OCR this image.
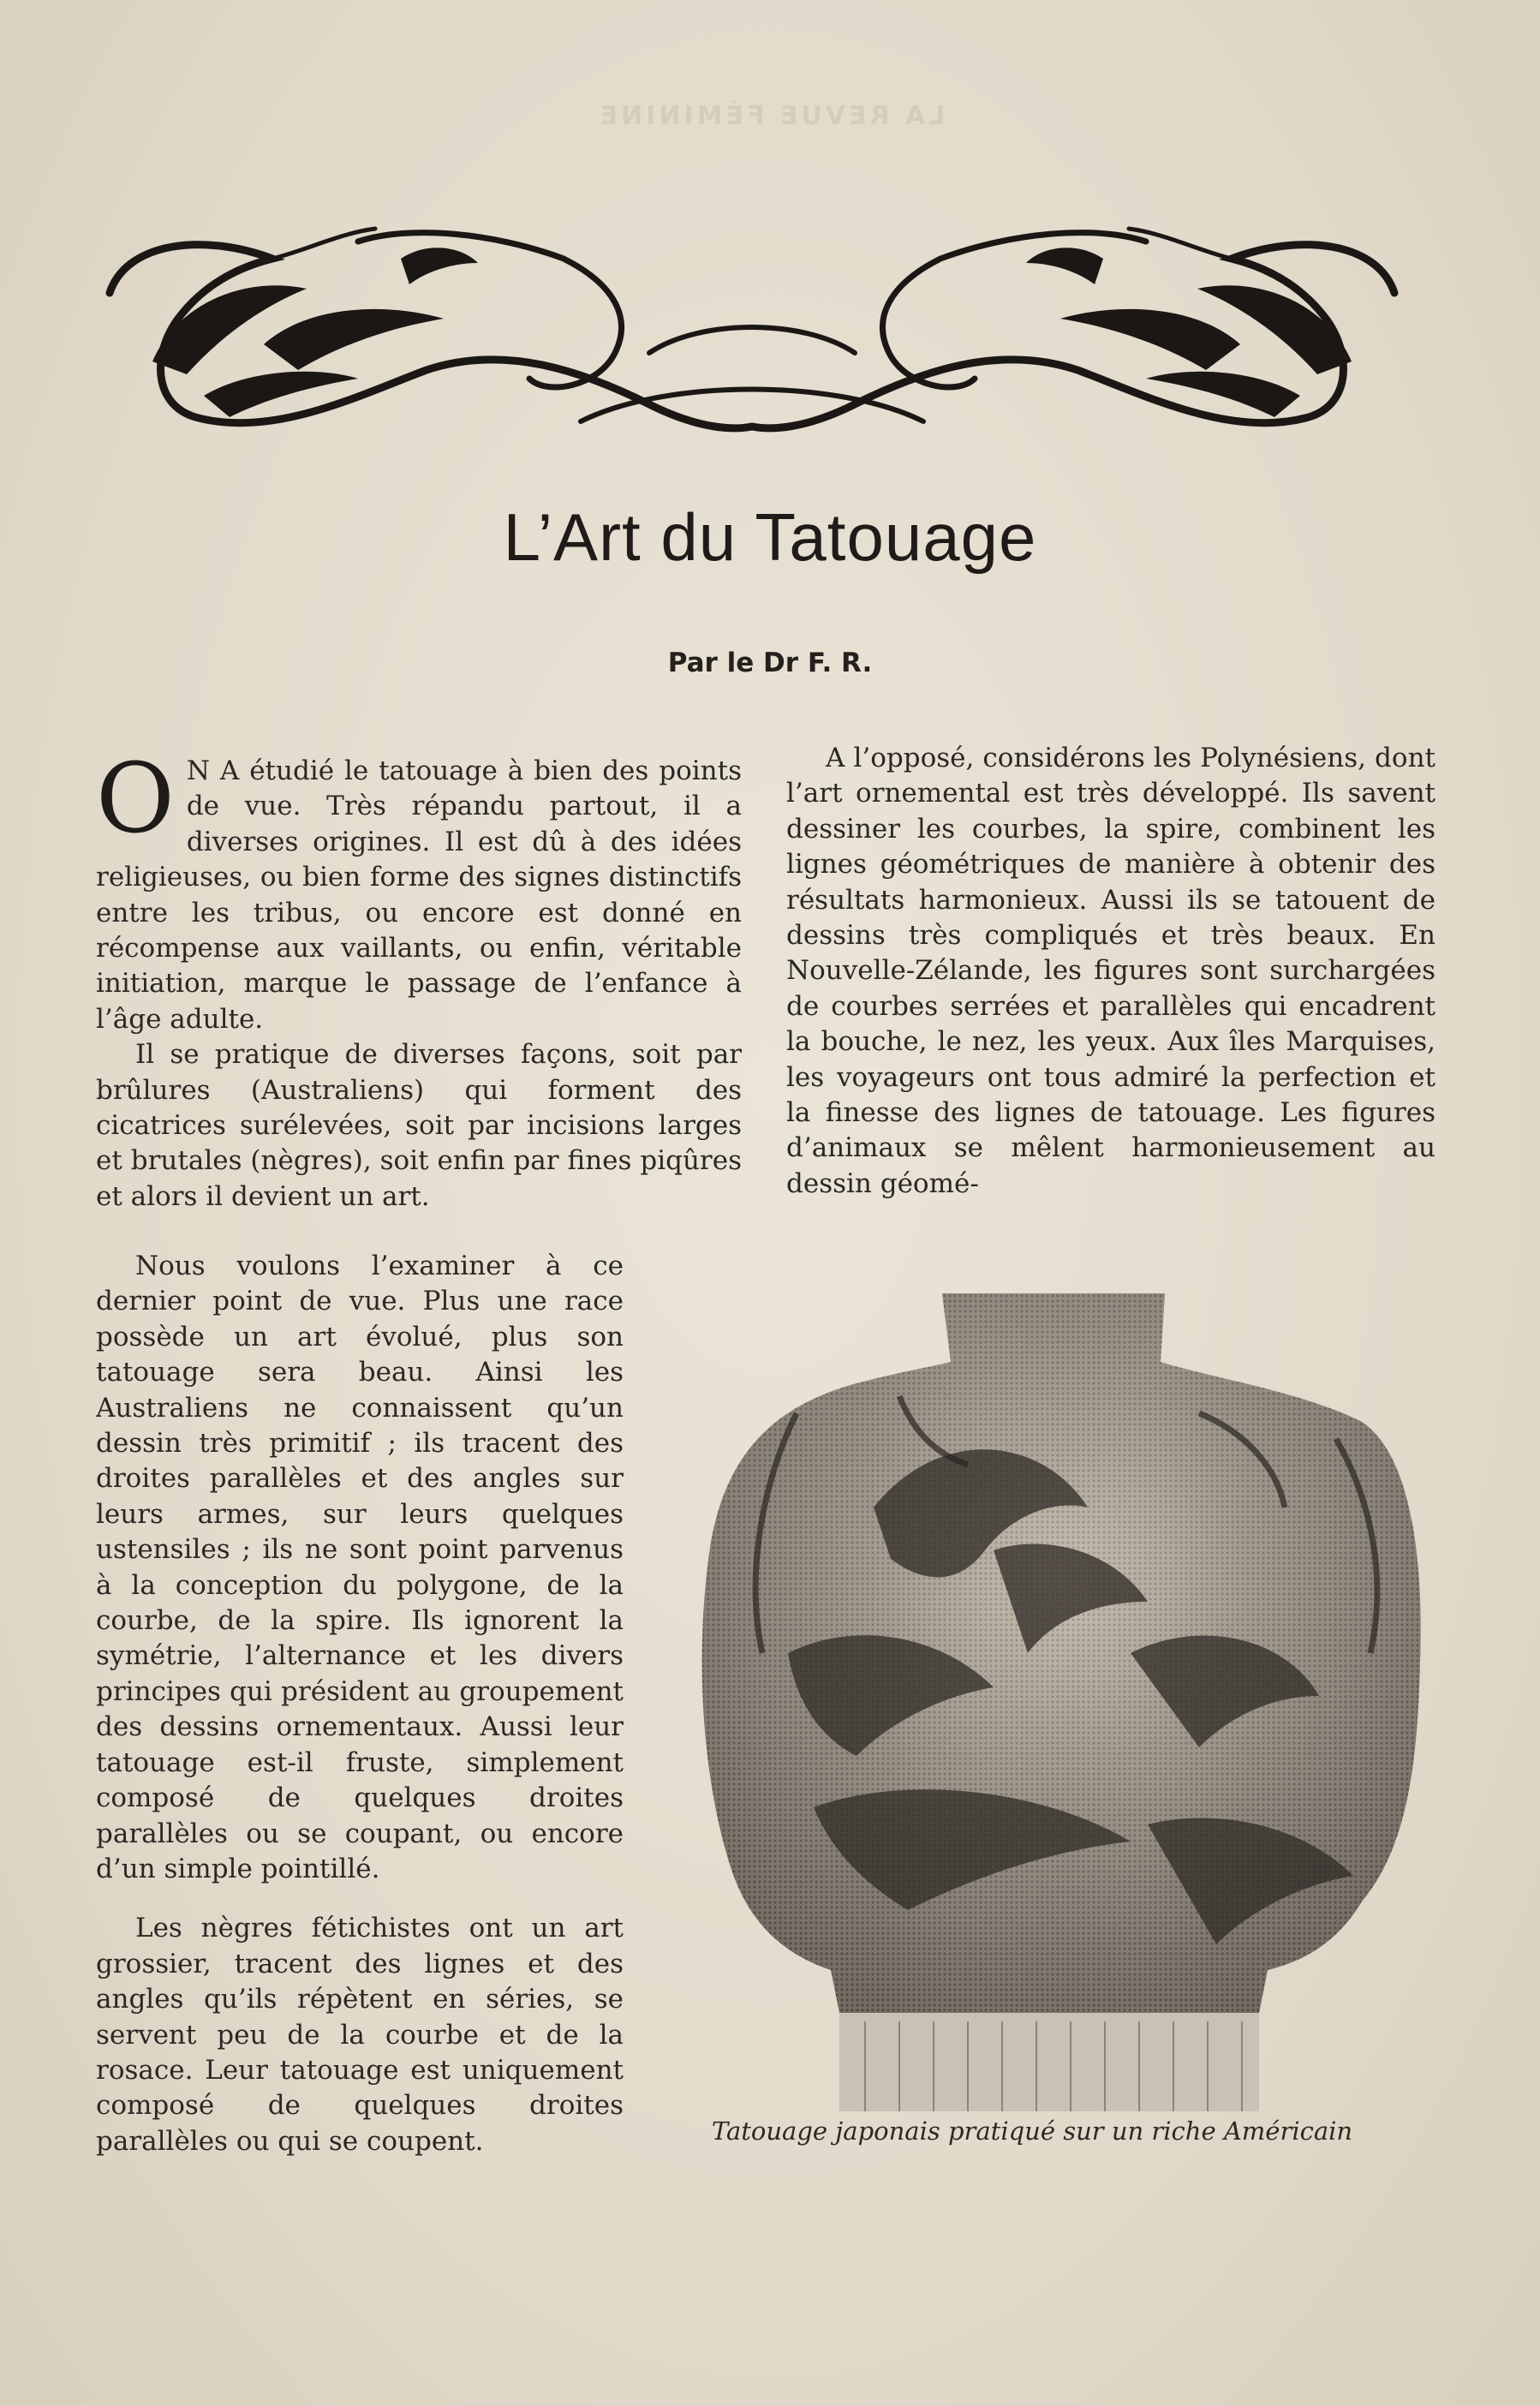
LA REVUE FÉMININE
L’Art du Tatouage

Par le Dr F. R.

O N A étudié le tatouage à bien des points de vue. Très répandu partout, il a diverses origines. Il est dû à des idées religieuses, ou bien forme des signes distinctifs entre les tribus, ou encore est donné en récompense aux vaillants, ou enfin, véritable initiation, marque le passage de l’enfance à l’âge adulte.

Il se pratique de diverses façons, soit par brûlures (Australiens) qui forment des cicatrices surélevées, soit par incisions larges et brutales (nègres), soit enfin par fines piqûres et alors il devient un art.

A l’opposé, considérons les Polynésiens, dont l’art ornemental est très développé. Ils savent dessiner les courbes, la spire, combinent les lignes géométriques de manière à obtenir des résultats harmonieux. Aussi ils se tatouent de dessins très compliqués et très beaux. En Nouvelle-Zélande, les figures sont surchargées de courbes serrées et parallèles qui encadrent la bouche, le nez, les yeux. Aux îles Marquises, les voyageurs ont tous admiré la perfection et la finesse des lignes de tatouage. Les figures d’animaux se mêlent harmonieusement au dessin géomé-

Nous voulons l’examiner à ce dernier point de vue. Plus une race possède un art évolué, plus son tatouage sera beau. Ainsi les Australiens ne connaissent qu’un dessin très primitif ; ils tracent des droites parallèles et des angles sur leurs armes, sur leurs quelques ustensiles ; ils ne sont point parvenus à la conception du polygone, de la courbe, de la spire. Ils ignorent la symétrie, l’alternance et les divers principes qui président au groupement des dessins ornementaux. Aussi leur tatouage est-il fruste, simplement composé de quelques droites parallèles ou se coupant, ou encore d’un simple pointillé.

Les nègres fétichistes ont un art grossier, tracent des lignes et des angles qu’ils répètent en séries, se servent peu de la courbe et de la rosace. Leur tatouage est uniquement composé de quelques droites parallèles ou qui se coupent.	Tatouage japonais pratiqué sur un riche Américain
